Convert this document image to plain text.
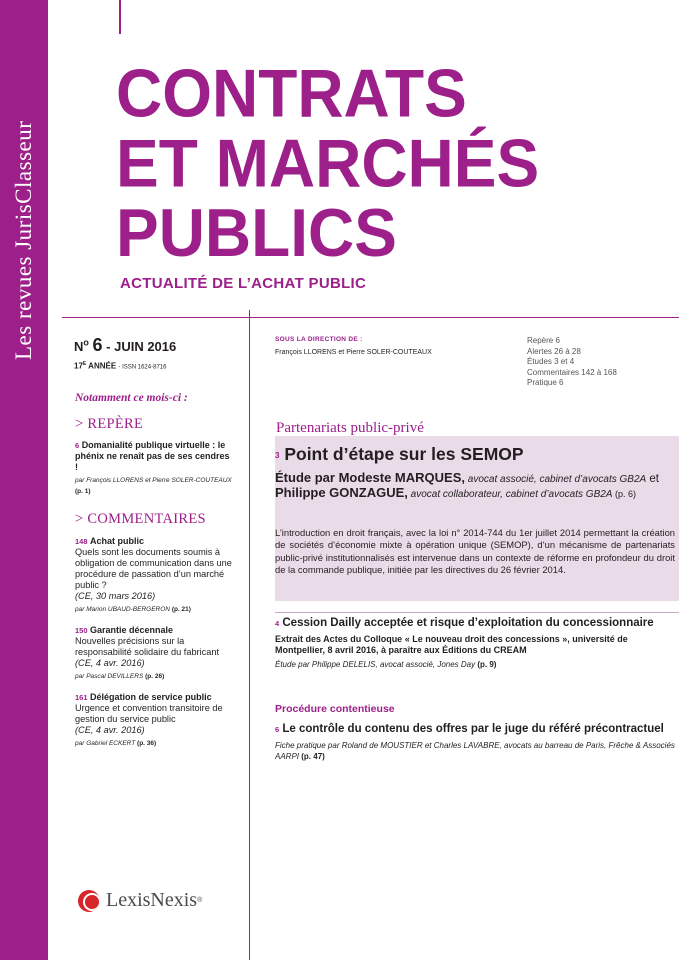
Les revues JurisClasseur
CONTRATS
ET MARCHÉS
PUBLICS
ACTUALITÉ DE L’ACHAT PUBLIC
$N^o$ 6 - JUIN 2016
$17^E$ ANNÉE - ISSN 1624-8716
SOUS LA DIRECTION DE :
François LLORENS et Pierre SOLER-COUTEAUX
Repère 6
Alertes 26 à 28
Études 3 et 4
Commentaires 142 à 168
Pratique 6
Notamment ce mois-ci :
> REPÈRE
6 Domanialité publique virtuelle : le phénix ne renaît pas de ses cendres !
par François LLORENS et Pierre SOLER-COUTEAUX (p. 1)
> COMMENTAIRES
148 Achat public
Quels sont les documents soumis à obligation de communication dans une procédure de passation d’un marché public ?
(CE, 30 mars 2016)
par Marion UBAUD-BERGERON (p. 21)
150 Garantie décennale
Nouvelles précisions sur la responsabilité solidaire du fabricant
(CE, 4 avr. 2016)
par Pascal DEVILLERS (p. 26)
161 Délégation de service public
Urgence et convention transitoire de gestion du service public
(CE, 4 avr. 2016)
par Gabriel ECKERT (p. 36)
Partenariats public-privé
3 Point d’étape sur les SEMOP
Étude par Modeste MARQUES, avocat associé, cabinet d’avocats GB2A et Philippe GONZAGUE, avocat collaborateur, cabinet d’avocats GB2A (p. 6)
L’introduction en droit français, avec la loi n° 2014-744 du 1er juillet 2014 permettant la création de sociétés d’économie mixte à opération unique (SEMOP), d’un mécanisme de partenariats public-privé institutionnalisés est intervenue dans un contexte de réforme en profondeur du droit de la commande publique, initiée par les directives du 26 février 2014.
4 Cession Dailly acceptée et risque d’exploitation du concessionnaire
Extrait des Actes du Colloque « Le nouveau droit des concessions », université de Montpellier, 8 avril 2016, à paraître aux Éditions du CREAM
Étude par Philippe DELELIS, avocat associé, Jones Day (p. 9)
Procédure contentieuse
6 Le contrôle du contenu des offres par le juge du référé précontractuel
Fiche pratique par Roland de MOUSTIER et Charles LAVABRE, avocats au barreau de Paris, Frêche & Associés AARPI (p. 47)
LexisNexis ®
